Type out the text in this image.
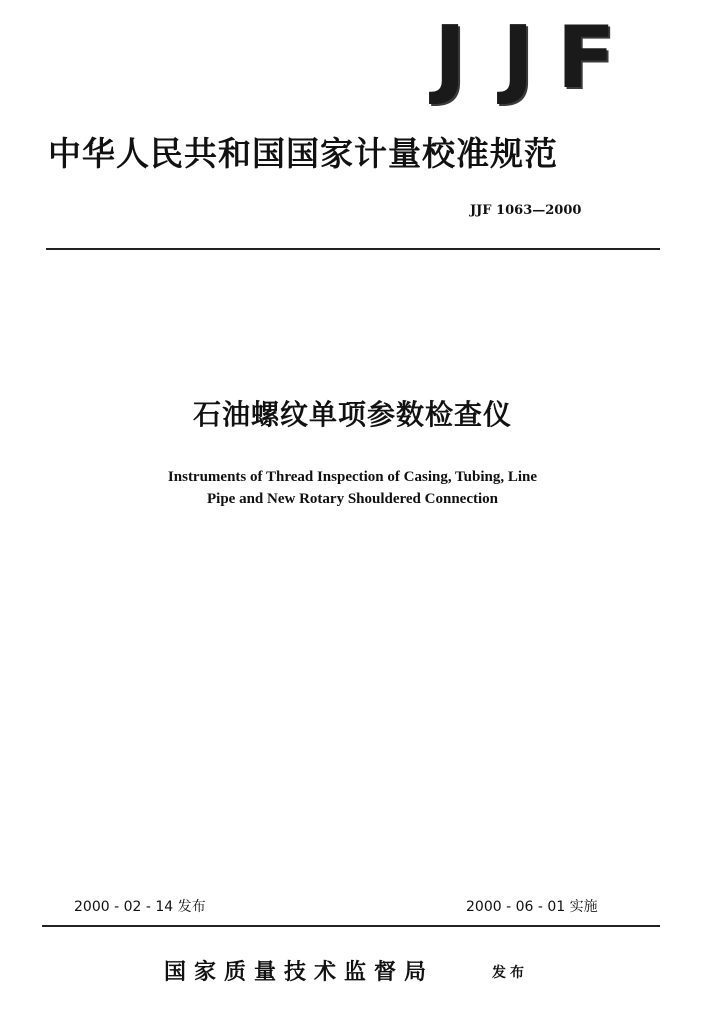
J J F
中华人民共和国国家计量校准规范
JJF 1063—2000
石油螺纹单项参数检查仪
Instruments of Thread Inspection of Casing, Tubing, Line
Pipe and New Rotary Shouldered Connection
2000 - 02 - 14 发布	2000 - 06 - 01 实施
国家质量技术监督局	发布
